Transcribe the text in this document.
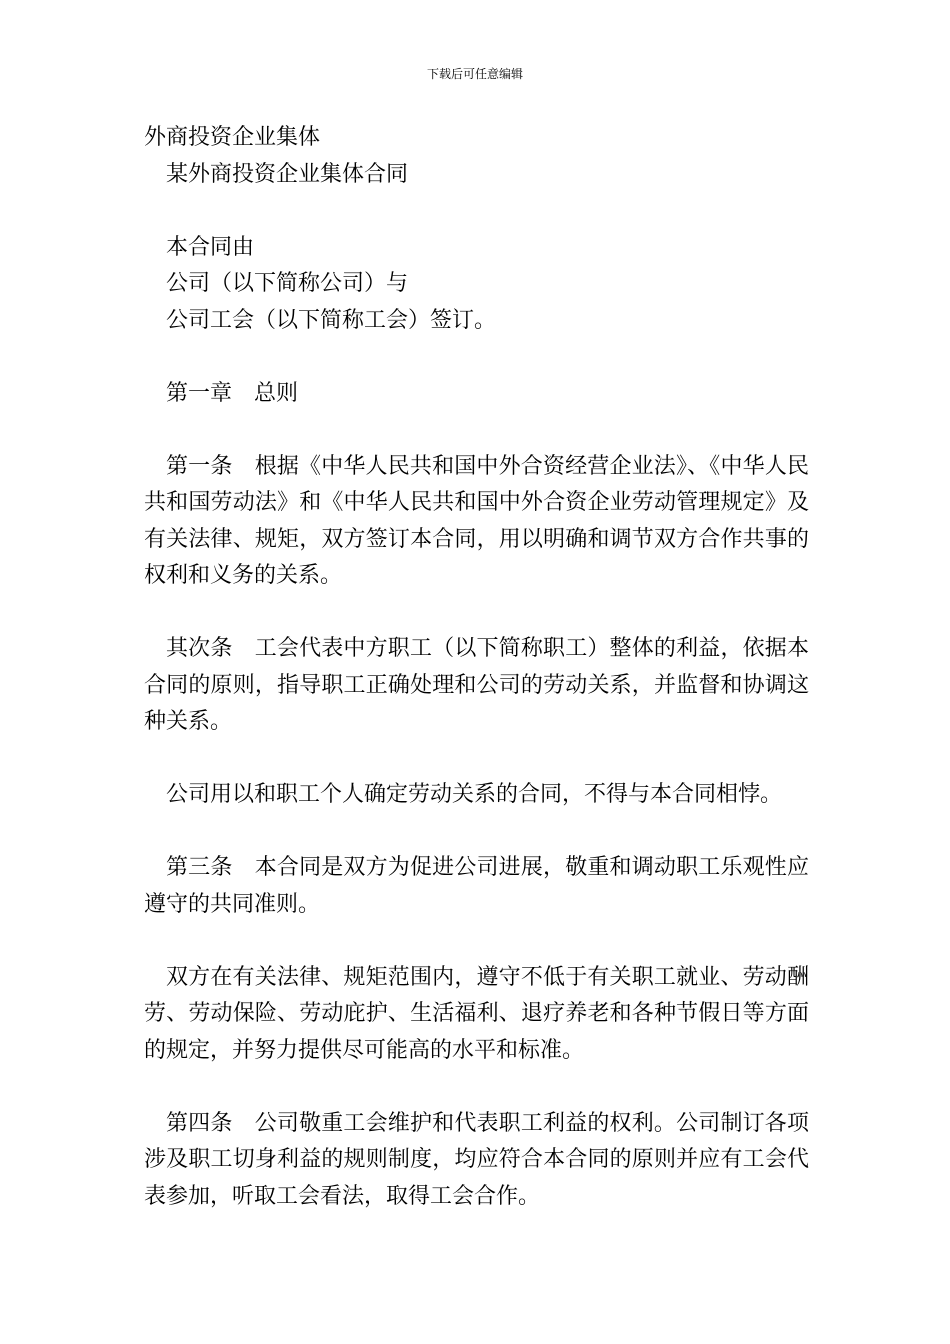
下载后可任意编辑

外商投资企业集体

某外商投资企业集体合同

本合同由

公司（以下简称公司）与

公司工会（以下简称工会）签订。

第一章　总则

第一条　根据《中华人民共和国中外合资经营企业法》、《中华人民共和国劳动法》和《中华人民共和国中外合资企业劳动管理规定》及有关法律、规矩，双方签订本合同，用以明确和调节双方合作共事的权利和义务的关系。

其次条　工会代表中方职工（以下简称职工）整体的利益，依据本合同的原则，指导职工正确处理和公司的劳动关系，并监督和协调这种关系。

公司用以和职工个人确定劳动关系的合同，不得与本合同相悖。

第三条　本合同是双方为促进公司进展，敬重和调动职工乐观性应遵守的共同准则。

双方在有关法律、规矩范围内，遵守不低于有关职工就业、劳动酬劳、劳动保险、劳动庇护、生活福利、退疗养老和各种节假日等方面的规定，并努力提供尽可能高的水平和标准。

第四条　公司敬重工会维护和代表职工利益的权利。公司制订各项涉及职工切身利益的规则制度，均应符合本合同的原则并应有工会代表参加，听取工会看法，取得工会合作。
